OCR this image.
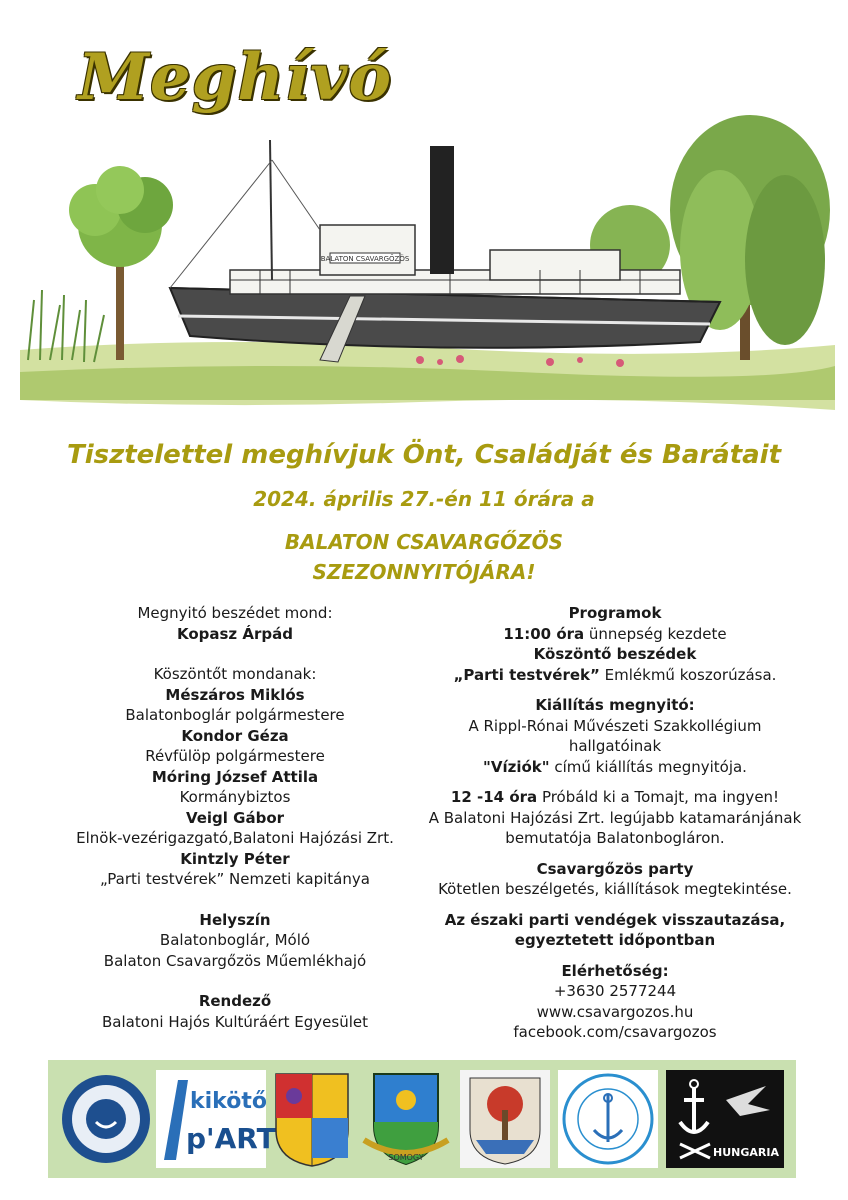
Meghívó
BALATON CSAVARGŐZÖS
Tisztelettel meghívjuk Önt, Családját és Barátait
2024. április 27.-én 11 órára a
BALATON CSAVARGŐZÖS
SZEZONNYITÓJÁRA!
Megnyitó beszédet mond:
Kopasz Árpád
Köszöntőt mondanak:
Mészáros Miklós
Balatonboglár polgármestere
Kondor Géza
Révfülöp polgármestere
Móring József Attila
Kormánybiztos
Veigl Gábor
Elnök-vezérigazgató,Balatoni Hajózási Zrt.
Kintzly Péter
„Parti testvérek” Nemzeti kapitánya
Helyszín
Balatonboglár, Móló
Balaton Csavargőzös Műemlékhajó
Rendező
Balatoni Hajós Kultúráért Egyesület
Programok
11:00 óra ünnepség kezdete
Köszöntő beszédek
„Parti testvérek” Emlékmű koszorúzása.
Kiállítás megnyitó:
A Rippl-Rónai Művészeti Szakkollégium hallgatóinak
"Víziók" című kiállítás megnyitója.
12 -14 óra Próbáld ki a Tomajt, ma ingyen!
A Balatoni Hajózási Zrt. legújabb katamaránjának
bemutatója Balatonbogláron.
Csavargőzös party
Kötetlen beszélgetés, kiállítások megtekintése.
Az északi parti vendégek visszautazása,
egyeztetett időpontban
Elérhetőség:
+3630 2577244
www.csavargozos.hu
facebook.com/csavargozos
kikötő
p'ART
SOMOGY	HUNGARIA
